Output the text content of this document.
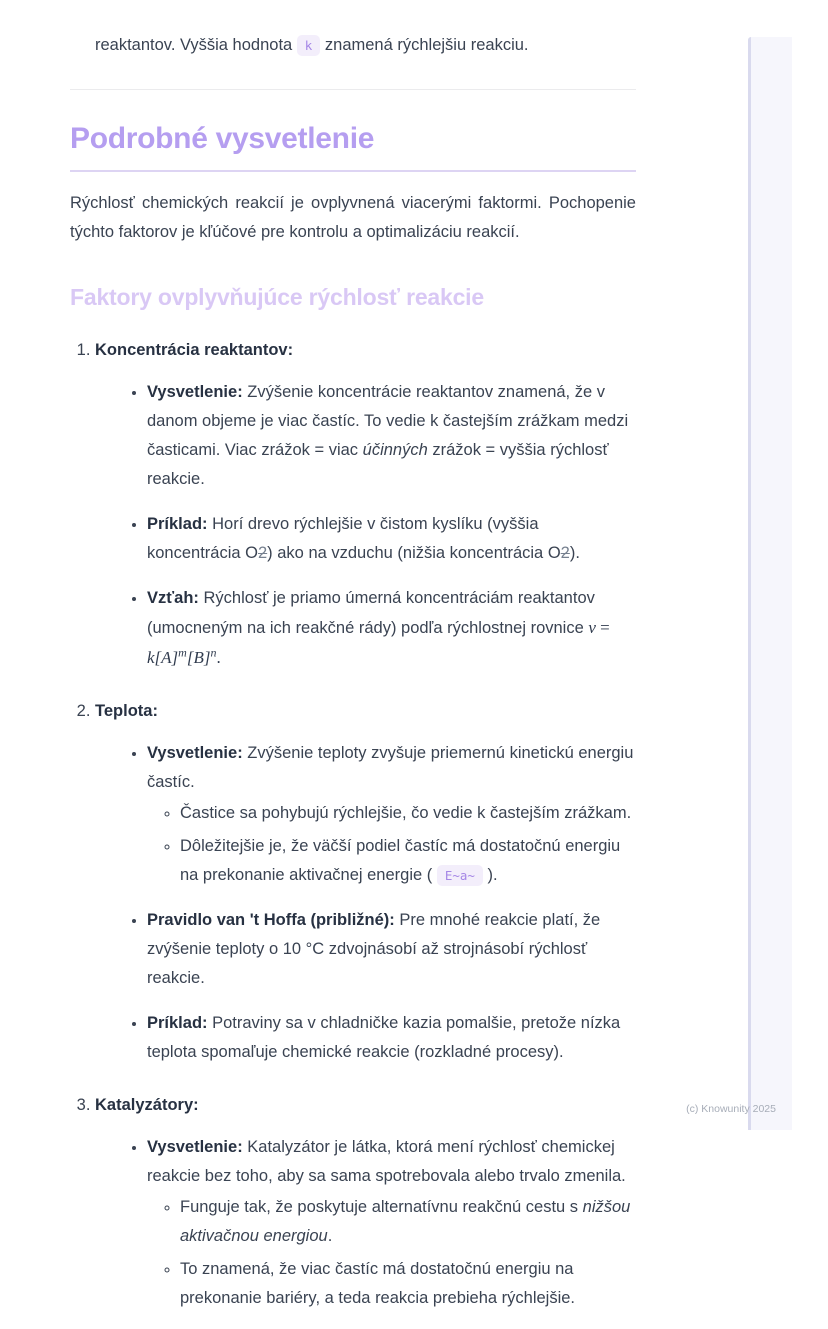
reaktantov. Vyššia hodnota k znamená rýchlejšiu reakciu.
Podrobné vysvetlenie

Rýchlosť chemických reakcií je ovplyvnená viacerými faktormi. Pochopenie týchto faktorov je kľúčové pre kontrolu a optimalizáciu reakcií.

Faktory ovplyvňujúce rýchlosť reakcie
1. Koncentrácia reaktantov:
• Vysvetlenie: Zvýšenie koncentrácie reaktantov znamená, že v danom objeme je viac častíc. To vedie k častejším zrážkam medzi časticami. Viac zrážok = viac účinných zrážok = vyššia rýchlosť reakcie.
• Príklad: Horí drevo rýchlejšie v čistom kyslíku (vyššia koncentrácia O2) ako na vzduchu (nižšia koncentrácia O2).
• Vzťah: Rýchlosť je priamo úmerná koncentráciám reaktantov (umocneným na ich reakčné rády) podľa rýchlostnej rovnice $v = k[A]^m[B]^n$.
2. Teplota:
• Vysvetlenie: Zvýšenie teploty zvyšuje priemernú kinetickú energiu častíc.
◦ Častice sa pohybujú rýchlejšie, čo vedie k častejším zrážkam.
◦ Dôležitejšie je, že väčší podiel častíc má dostatočnú energiu na prekonanie aktivačnej energie ( E~a~ ).
• Pravidlo van 't Hoffa (približné): Pre mnohé reakcie platí, že zvýšenie teploty o 10 °C zdvojnásobí až strojnásobí rýchlosť reakcie.
• Príklad: Potraviny sa v chladničke kazia pomalšie, pretože nízka teplota spomaľuje chemické reakcie (rozkladné procesy).
3. Katalyzátory:
• Vysvetlenie: Katalyzátor je látka, ktorá mení rýchlosť chemickej reakcie bez toho, aby sa sama spotrebovala alebo trvalo zmenila.
◦ Funguje tak, že poskytuje alternatívnu reakčnú cestu s nižšou aktivačnou energiou.
◦ To znamená, že viac častíc má dostatočnú energiu na prekonanie bariéry, a teda reakcia prebieha rýchlejšie.
(c) Knowunity 2025
